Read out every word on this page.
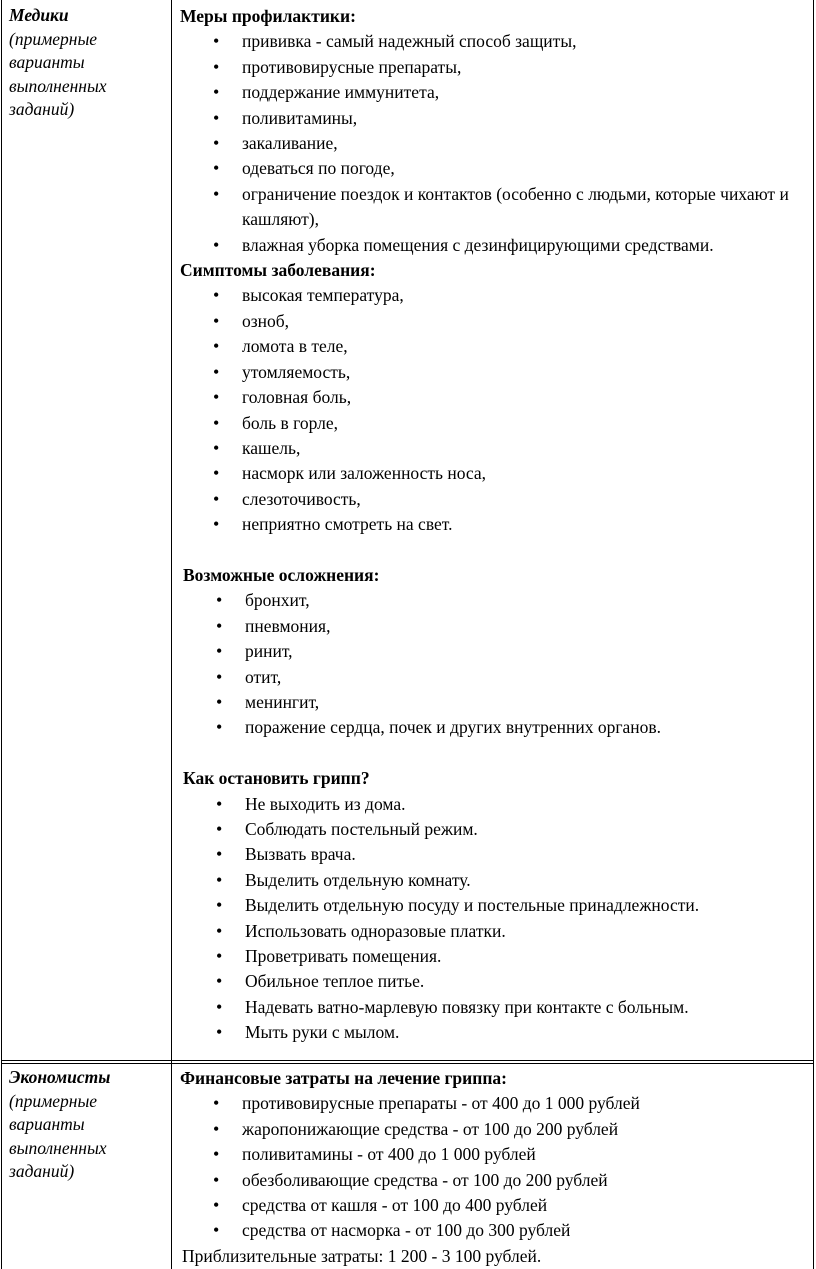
Медики
(примерные
варианты
выполненных
заданий)
Меры профилактики:
• прививка - самый надежный способ защиты,
• противовирусные препараты,
• поддержание иммунитета,
• поливитамины,
• закаливание,
• одеваться по погоде,
• ограничение поездок и контактов (особенно с людьми, которые чихают и кашляют),
• влажная уборка помещения с дезинфицирующими средствами.
Симптомы заболевания:
• высокая температура,
• озноб,
• ломота в теле,
• утомляемость,
• головная боль,
• боль в горле,
• кашель,
• насморк или заложенность носа,
• слезоточивость,
• неприятно смотреть на свет.
Возможные осложнения:
• бронхит,
• пневмония,
• ринит,
• отит,
• менингит,
• поражение сердца, почек и других внутренних органов.
Как остановить грипп?
• Не выходить из дома.
• Соблюдать постельный режим.
• Вызвать врача.
• Выделить отдельную комнату.
• Выделить отдельную посуду и постельные принадлежности.
• Использовать одноразовые платки.
• Проветривать помещения.
• Обильное теплое питье.
• Надевать ватно-марлевую повязку при контакте с больным.
• Мыть руки с мылом.
Экономисты
(примерные
варианты
выполненных
заданий)
Финансовые затраты на лечение гриппа:
• противовирусные препараты - от 400 до 1 000 рублей
• жаропонижающие средства - от 100 до 200 рублей
• поливитамины - от 400 до 1 000 рублей
• обезболивающие средства - от 100 до 200 рублей
• средства от кашля - от 100 до 400 рублей
• средства от насморка - от 100 до 300 рублей
Приблизительные затраты: 1 200 - 3 100 рублей.
